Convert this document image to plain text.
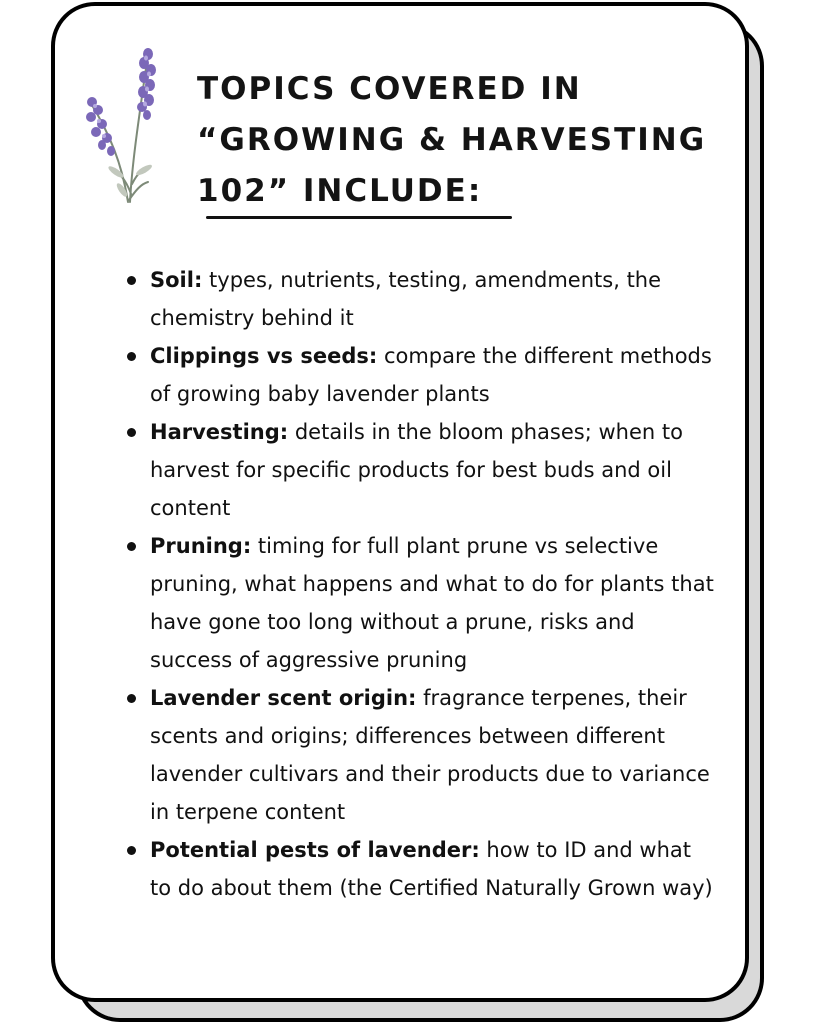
TOPICS COVERED IN
“GROWING & HARVESTING
102” INCLUDE:
Soil: types, nutrients, testing, amendments, the chemistry behind it
Clippings vs seeds: compare the different methods of growing baby lavender plants
Harvesting: details in the bloom phases; when to harvest for specific products for best buds and oil content
Pruning: timing for full plant prune vs selective pruning, what happens and what to do for plants that have gone too long without a prune, risks and success of aggressive pruning
Lavender scent origin: fragrance terpenes, their scents and origins; differences between different lavender cultivars and their products due to variance in terpene content
Potential pests of lavender: how to ID and what to do about them (the Certified Naturally Grown way)
